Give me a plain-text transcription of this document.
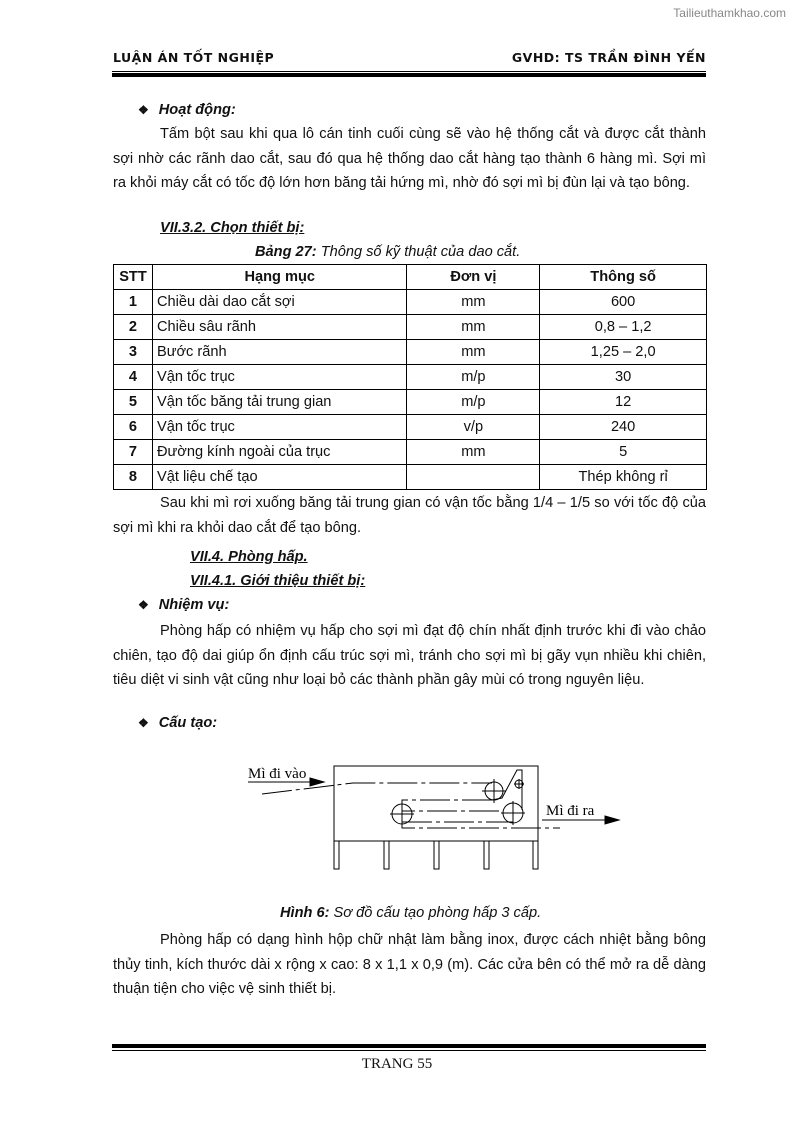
Tailieuthamkhao.com
LUẬN ÁN TỐT NGHIỆP	GVHD: TS TRẦN ĐÌNH YẾN
❖ Hoạt động:
Tấm bột sau khi qua lô cán tinh cuối cùng sẽ vào hệ thống cắt và được cắt thành sợi nhờ các rãnh dao cắt, sau đó qua hệ thống dao cắt hàng tạo thành 6 hàng mì. Sợi mì ra khỏi máy cắt có tốc độ lớn hơn băng tải hứng mì, nhờ đó sợi mì bị đùn lại và tạo bông.
VII.3.2. Chọn thiết bị:
Bảng 27: Thông số kỹ thuật của dao cắt.
STT	Hạng mục	Đơn vị	Thông số
1	Chiều dài dao cắt sợi	mm	600
2	Chiều sâu rãnh	mm	0,8 – 1,2
3	Bước rãnh	mm	1,25 – 2,0
4	Vận tốc trục	m/p	30
5	Vận tốc băng tải trung gian	m/p	12
6	Vận tốc trục	v/p	240
7	Đường kính ngoài của trục	mm	5
8	Vật liệu chế tạo		Thép không rỉ
Sau khi mì rơi xuống băng tải trung gian có vận tốc bằng 1/4 – 1/5 so với tốc độ của sợi mì khi ra khỏi dao cắt để tạo bông.
VII.4. Phòng hấp.
VII.4.1. Giới thiệu thiết bị:
❖ Nhiệm vụ:
Phòng hấp có nhiệm vụ hấp cho sợi mì đạt độ chín nhất định trước khi đi vào chảo chiên, tạo độ dai giúp ổn định cấu trúc sợi mì, tránh cho sợi mì bị gãy vụn nhiều khi chiên, tiêu diệt vi sinh vật cũng như loại bỏ các thành phần gây mùi có trong nguyên liệu.
❖ Cấu tạo:
Mì đi vào
Mì đi ra
Hình 6: Sơ đồ cấu tạo phòng hấp 3 cấp.
Phòng hấp có dạng hình hộp chữ nhật làm bằng inox, được cách nhiệt bằng bông thủy tinh, kích thước dài x rộng x cao: 8 x 1,1 x 0,9 (m). Các cửa bên có thể mở ra dễ dàng thuận tiện cho việc vệ sinh thiết bị.
TRANG 55
